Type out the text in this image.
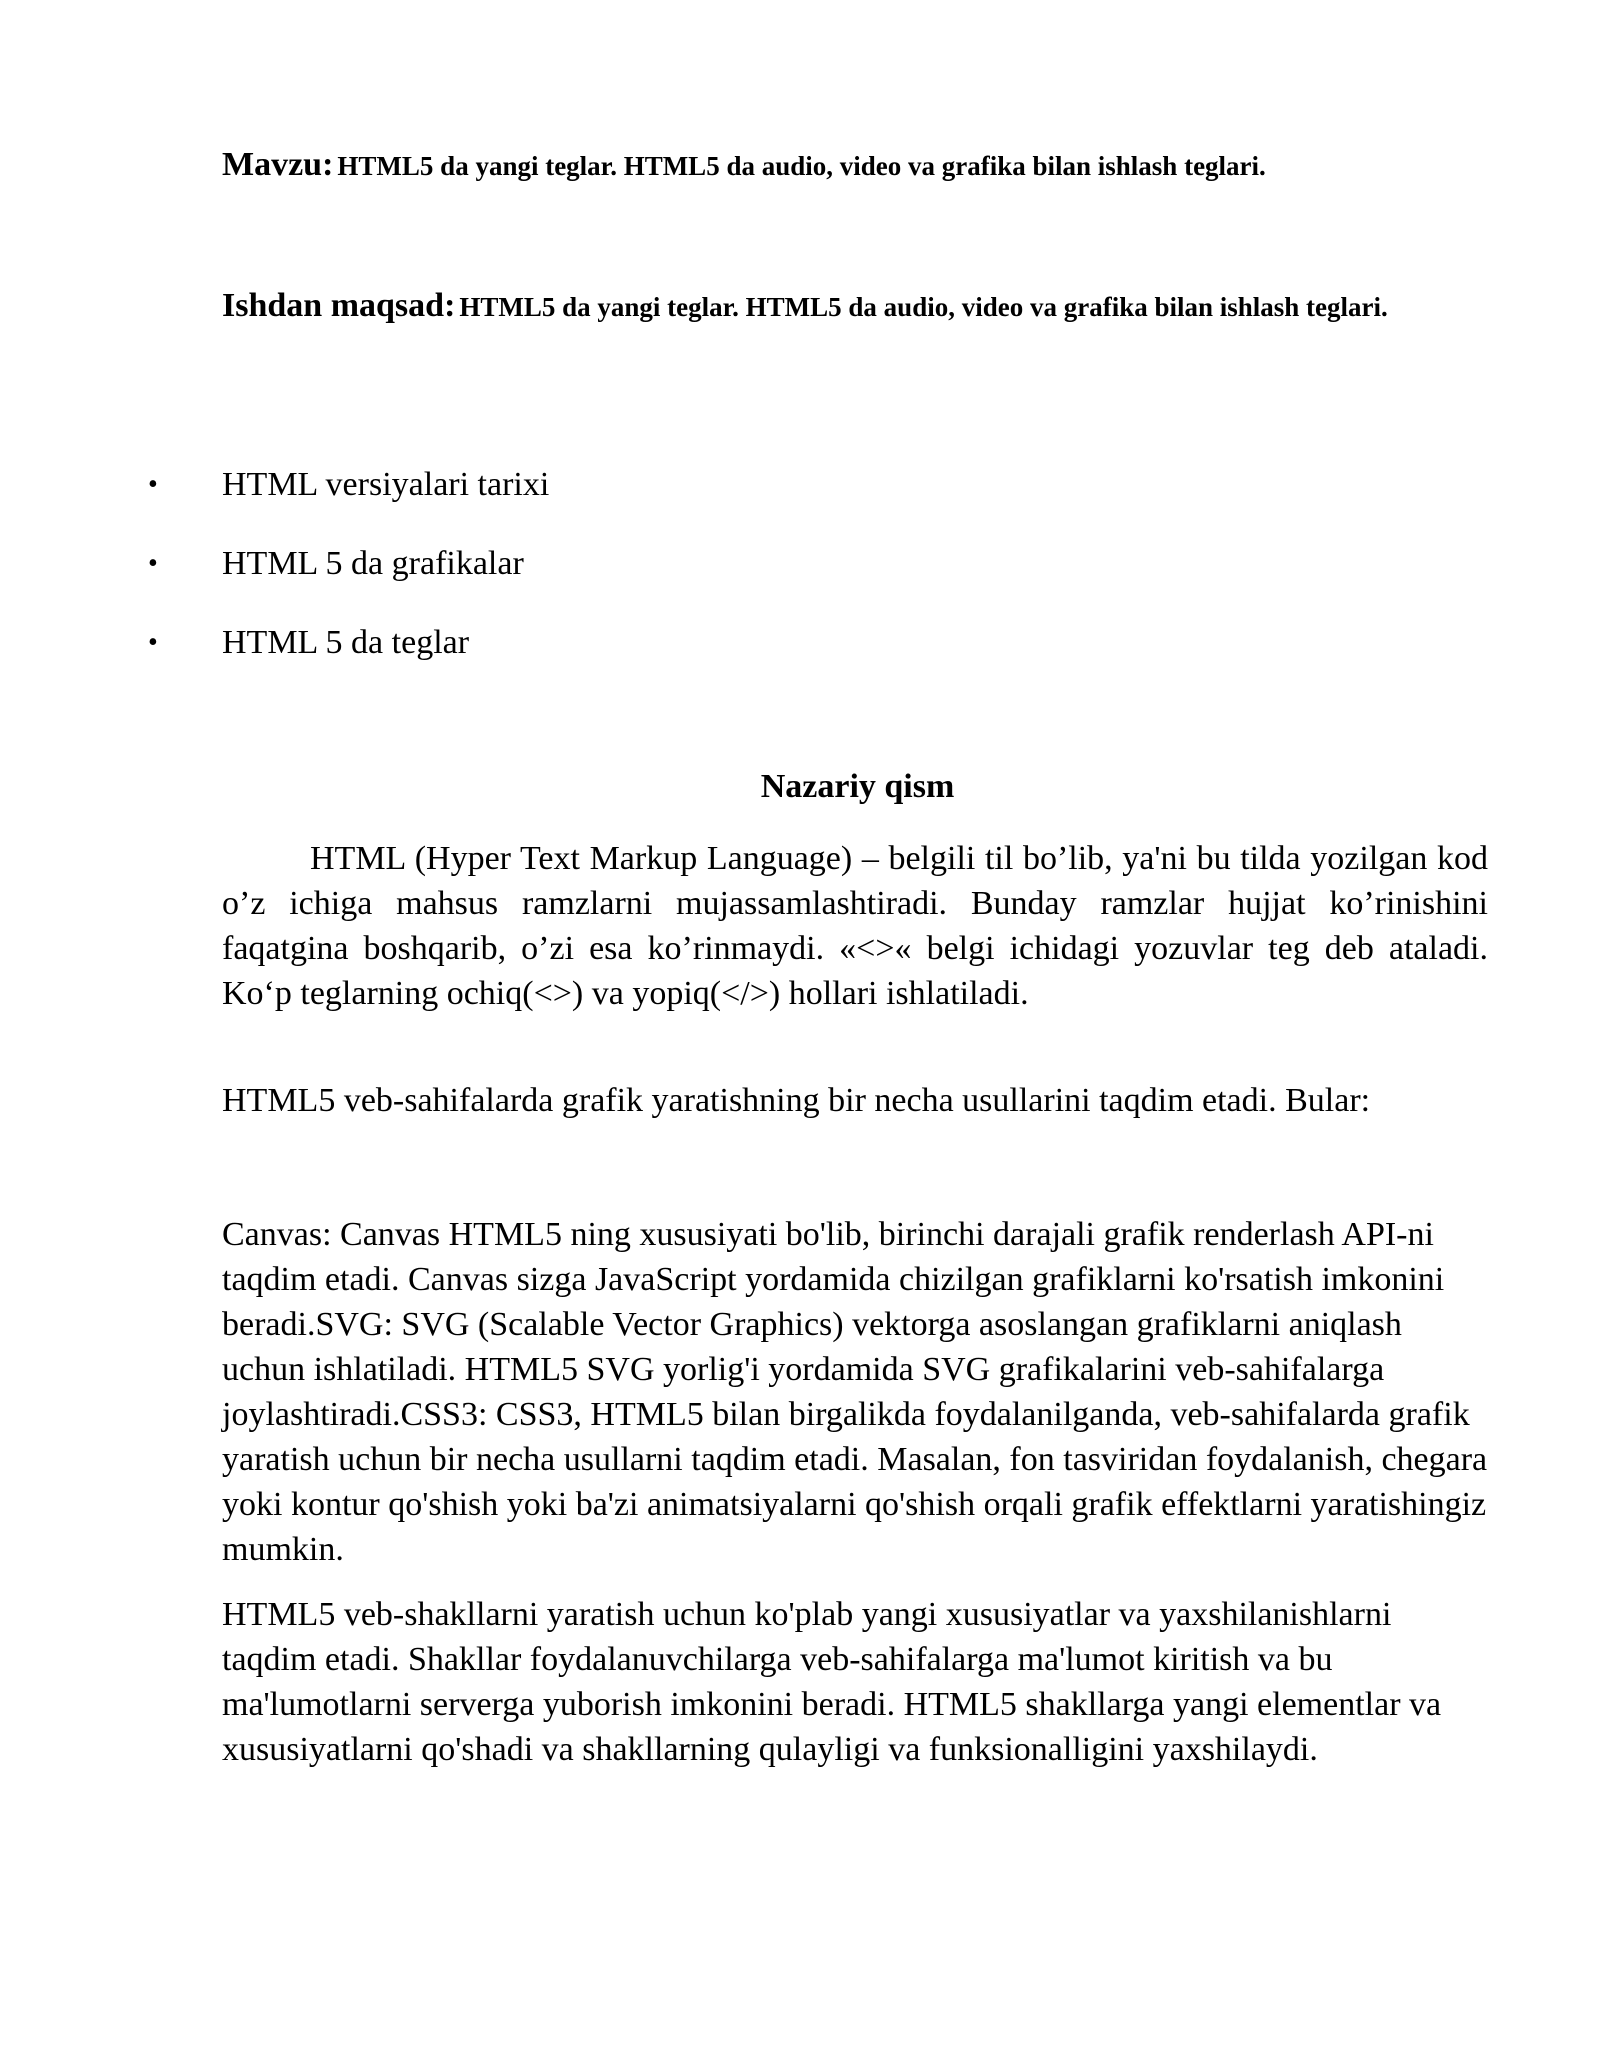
Mavzu: HTML5 da yangi teglar. HTML5 da audio, video va grafika bilan ishlash teglari.
Ishdan maqsad: HTML5 da yangi teglar. HTML5 da audio, video va grafika bilan ishlash teglari.
• HTML versiyalari tarixi
• HTML 5 da grafikalar
• HTML 5 da teglar
Nazariy qism

HTML (Hyper Text Markup Language) – belgili til bo’lib, ya'ni bu tilda yozilgan kod o’z ichiga mahsus ramzlarni mujassamlashtiradi. Bunday ramzlar hujjat ko’rinishini faqatgina boshqarib, o’zi esa ko’rinmaydi. «<>« belgi ichidagi yozuvlar teg deb ataladi. Ko‘p teglarning ochiq(<>) va yopiq(</>) hollari ishlatiladi.

HTML5 veb-sahifalarda grafik yaratishning bir necha usullarini taqdim etadi. Bular:

Canvas: Canvas HTML5 ning xususiyati bo'lib, birinchi darajali grafik renderlash API-ni taqdim etadi. Canvas sizga JavaScript yordamida chizilgan grafiklarni ko'rsatish imkonini beradi.SVG: SVG (Scalable Vector Graphics) vektorga asoslangan grafiklarni aniqlash uchun ishlatiladi. HTML5 SVG yorlig'i yordamida SVG grafikalarini veb-sahifalarga joylashtiradi.CSS3: CSS3, HTML5 bilan birgalikda foydalanilganda, veb-sahifalarda grafik yaratish uchun bir necha usullarni taqdim etadi. Masalan, fon tasviridan foydalanish, chegara yoki kontur qo'shish yoki ba'zi animatsiyalarni qo'shish orqali grafik effektlarni yaratishingiz mumkin.

HTML5 veb-shakllarni yaratish uchun ko'plab yangi xususiyatlar va yaxshilanishlarni taqdim etadi. Shakllar foydalanuvchilarga veb-sahifalarga ma'lumot kiritish va bu ma'lumotlarni serverga yuborish imkonini beradi. HTML5 shakllarga yangi elementlar va xususiyatlarni qo'shadi va shakllarning qulayligi va funksionalligini yaxshilaydi.
